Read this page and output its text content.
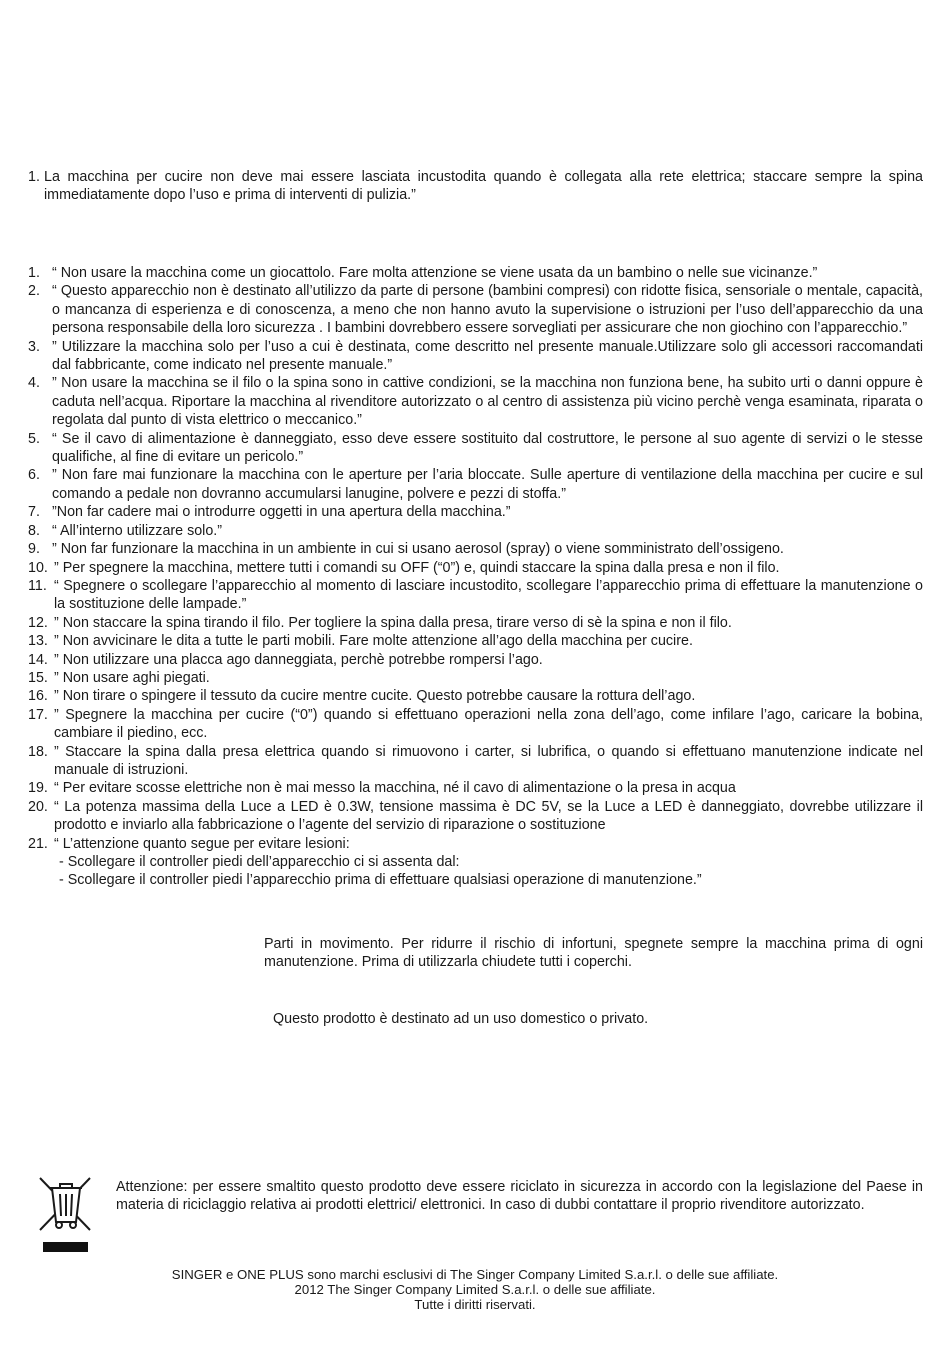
1. La macchina per cucire non deve mai essere lasciata incustodita quando è collegata alla rete elettrica; staccare sempre la spina immediatamente dopo l’uso e prima di interventi di pulizia.”
1. “ Non usare la macchina come un giocattolo. Fare molta attenzione se viene usata da un bambino o nelle sue vicinanze.”
2. “ Questo apparecchio non è destinato all’utilizzo da parte di persone (bambini compresi) con ridotte fisica, sensoriale o mentale, capacità, o mancanza di esperienza e di conoscenza, a meno che non hanno avuto la supervisione o istruzioni per l’uso dell’apparecchio da una persona responsabile della loro sicurezza . I bambini dovrebbero essere sorvegliati per assicurare che non giochino con l’apparecchio.”
3. ” Utilizzare la macchina solo per l’uso a cui è destinata, come descritto nel presente manuale.Utilizzare solo gli accessori raccomandati dal fabbricante, come indicato nel presente manuale.”
4. ” Non usare la macchina se il filo o la spina sono in cattive condizioni, se la macchina non funziona bene, ha subito urti o danni oppure è caduta nell’acqua. Riportare la macchina al rivenditore autorizzato o al centro di assistenza più vicino perchè venga esaminata, riparata o regolata dal punto di vista elettrico o meccanico.”
5. “ Se il cavo di alimentazione è danneggiato, esso deve essere sostituito dal costruttore, le persone al suo agente di servizi o le stesse qualifiche, al fine di evitare un pericolo.”
6. ” Non fare mai funzionare la macchina con le aperture per l’aria bloccate. Sulle aperture di ventilazione della macchina per cucire e sul comando a pedale non dovranno accumularsi lanugine, polvere e pezzi di stoffa.”
7. ”Non far cadere mai o introdurre oggetti in una apertura della macchina.”
8. “ All’interno utilizzare solo.”
9. ” Non far funzionare la macchina in un ambiente in cui si usano aerosol (spray) o viene somministrato dell’ossigeno.
10. ” Per spegnere la macchina, mettere tutti i comandi su OFF (“0”) e, quindi staccare la spina dalla presa e non il filo.
11. “ Spegnere o scollegare l’apparecchio al momento di lasciare incustodito, scollegare l’apparecchio prima di effettuare la manutenzione o la sostituzione delle lampade.”
12. ” Non staccare la spina tirando il filo. Per togliere la spina dalla presa, tirare verso di sè la spina e non il filo.
13. ” Non avvicinare le dita a tutte le parti mobili. Fare molte attenzione all’ago della macchina per cucire.
14. ” Non utilizzare una placca ago danneggiata, perchè potrebbe rompersi l’ago.
15. ” Non usare aghi piegati.
16. ” Non tirare o spingere il tessuto da cucire mentre cucite. Questo potrebbe causare la rottura dell’ago.
17. ” Spegnere la macchina per cucire (“0”) quando si effettuano operazioni nella zona dell’ago, come infilare l’ago, caricare la bobina, cambiare il piedino, ecc.
18. ” Staccare la spina dalla presa elettrica quando si rimuovono i carter, si lubrifica, o quando si effettuano manutenzione indicate nel manuale di istruzioni.
19. “ Per evitare scosse elettriche non è mai messo la macchina, né il cavo di alimentazione o la presa in acqua
20. “ La potenza massima della Luce a LED è 0.3W, tensione massima è DC 5V, se la Luce a LED è danneggiato, dovrebbe utilizzare il prodotto e inviarlo alla fabbricazione o l’agente del servizio di riparazione o sostituzione
21. “ L’attenzione quanto segue per evitare lesioni:
- Scollegare il controller piedi dell’apparecchio ci si assenta dal:
- Scollegare il controller piedi l’apparecchio prima di effettuare qualsiasi operazione di manutenzione.”
Parti in movimento. Per ridurre il rischio di infortuni, spegnete sempre la macchina prima di ogni manutenzione. Prima di utilizzarla chiudete tutti i coperchi.
Questo prodotto è destinato ad un uso domestico o privato.
Attenzione: per essere smaltito questo prodotto deve essere riciclato in sicurezza in accordo con la legislazione del Paese in materia di riciclaggio relativa ai prodotti elettrici/ elettronici. In caso di dubbi contattare il proprio rivenditore autorizzato.
SINGER e ONE PLUS sono marchi esclusivi di The Singer Company Limited S.a.r.l. o delle sue affiliate.
2012 The Singer Company Limited S.a.r.l. o delle sue affiliate.
Tutte i diritti riservati.
